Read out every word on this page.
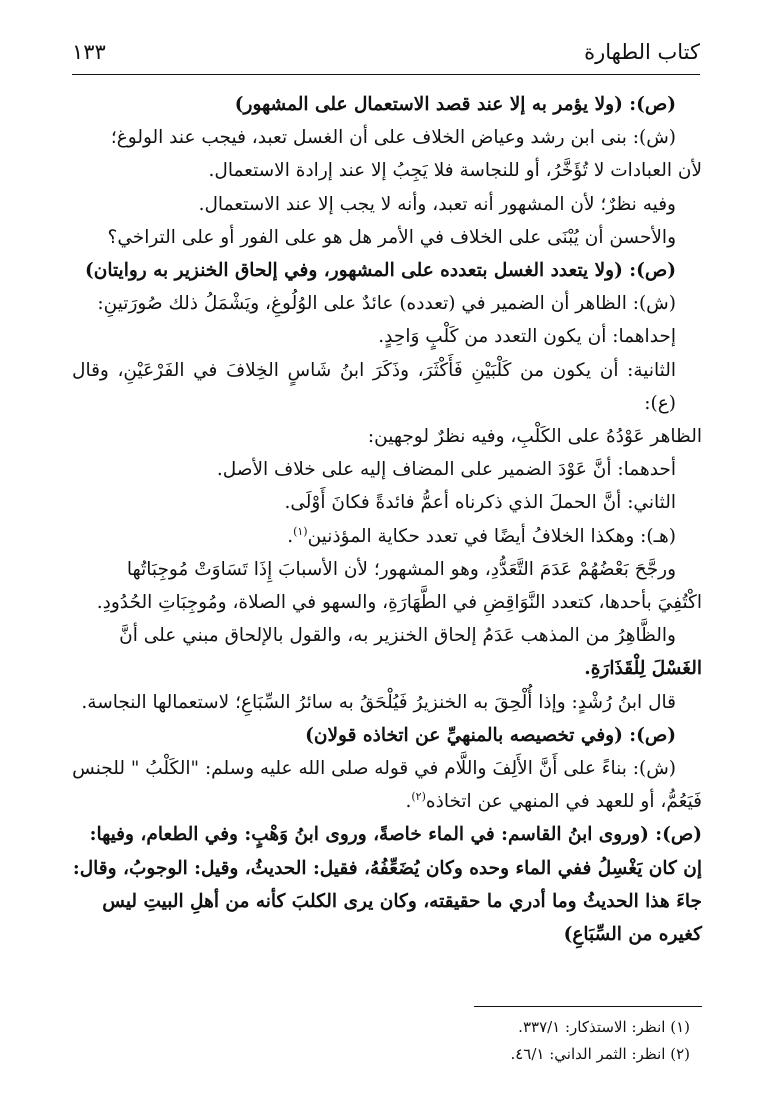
كتاب الطهارة
١٣٣

(ص): (ولا يؤمر به إلا عند قصد الاستعمال على المشهور)

(ش): بنى ابن رشد وعياض الخلاف على أن الغسل تعبد، فيجب عند الولوغ؛

لأن العبادات لا تُؤَخَّرُ، أو للنجاسة فلا يَجِبُ إلا عند إرادة الاستعمال.

وفيه نظرٌ؛ لأن المشهور أنه تعبد، وأنه لا يجب إلا عند الاستعمال.

والأحسن أن يُبْنَى على الخلاف في الأمر هل هو على الفور أو على التراخي؟

(ص): (ولا يتعدد الغسل بتعدده على المشهور، وفي إلحاق الخنزير به روايتان)

(ش): الظاهر أن الضمير في (تعدده) عائدٌ على الوُلُوغِ، ويَشْمَلُ ذلك صُورَتينِ:

إحداهما: أن يكون التعدد من كَلْبٍ وَاحِدٍ.

الثانية: أن يكون من كَلْبَيْنِ فَأَكْثَرَ، وذَكَرَ ابنُ شَاسٍ الخِلافَ في الفَرْعَيْنِ، وقال (ع):

الظاهر عَوْدُهُ على الكَلْبِ، وفيه نظرٌ لوجهين:

أحدهما: أنَّ عَوْدَ الضمير على المضاف إليه على خلاف الأصل.

الثاني: أنَّ الحملَ الذي ذكرناه أعمُّ فائدةً فكانَ أَوْلَى.

(هـ): وهكذا الخلافُ أيضًا في تعدد حكاية المؤذنين$^{(١)}$.

ورجَّحَ بَعْضُهُمْ عَدَمَ التَّعَدُّدِ، وهو المشهور؛ لأن الأسبابَ إِذَا تَسَاوَتْ مُوجِبَاتُها

اكْتُفِيَ بأحدها، كتعدد النَّوَاقِضِ في الطَّهَارَةِ، والسهو في الصلاة، ومُوجِبَاتِ الحُدُودِ.

والظَّاهِرُ من المذهب عَدَمُ إلحاق الخنزير به، والقول بالإلحاق مبني على أنَّ

الغَسْلَ لِلْقَذَارَةِ.

قال ابنُ رُشْدٍ: وإذا أُلْحِقَ به الخنزيرُ فَيُلْحَقُ به سائرُ السِّبَاعِ؛ لاستعمالها النجاسة.

(ص): (وفي تخصيصه بالمنهيِّ عن اتخاذه قولان)

(ش): بناءً على أَنَّ الأَلِفَ واللَّام في قوله صلى الله عليه وسلم: "الكَلْبُ " للجنس

فَيَعُمُّ، أو للعهد في المنهي عن اتخاذه$^{(٢)}$.

(ص): (وروى ابنُ القاسم: في الماء خاصةً، وروى ابنُ وَهْبٍ: وفي الطعام، وفيها:

إن كان يَغْسِلُ ففي الماء وحده وكان يُضَعِّفُهُ، فقيل: الحديثُ، وقيل: الوجوبُ، وقال:

جاءَ هذا الحديثُ وما أدري ما حقيقته، وكان يرى الكلبَ كأنه من أهلِ البيتِ ليس

كغيره من السِّبَاعِ)

(١) انظر: الاستذكار: ٣٣٧/١.

(٢) انظر: الثمر الداني: ٤٦/١.
